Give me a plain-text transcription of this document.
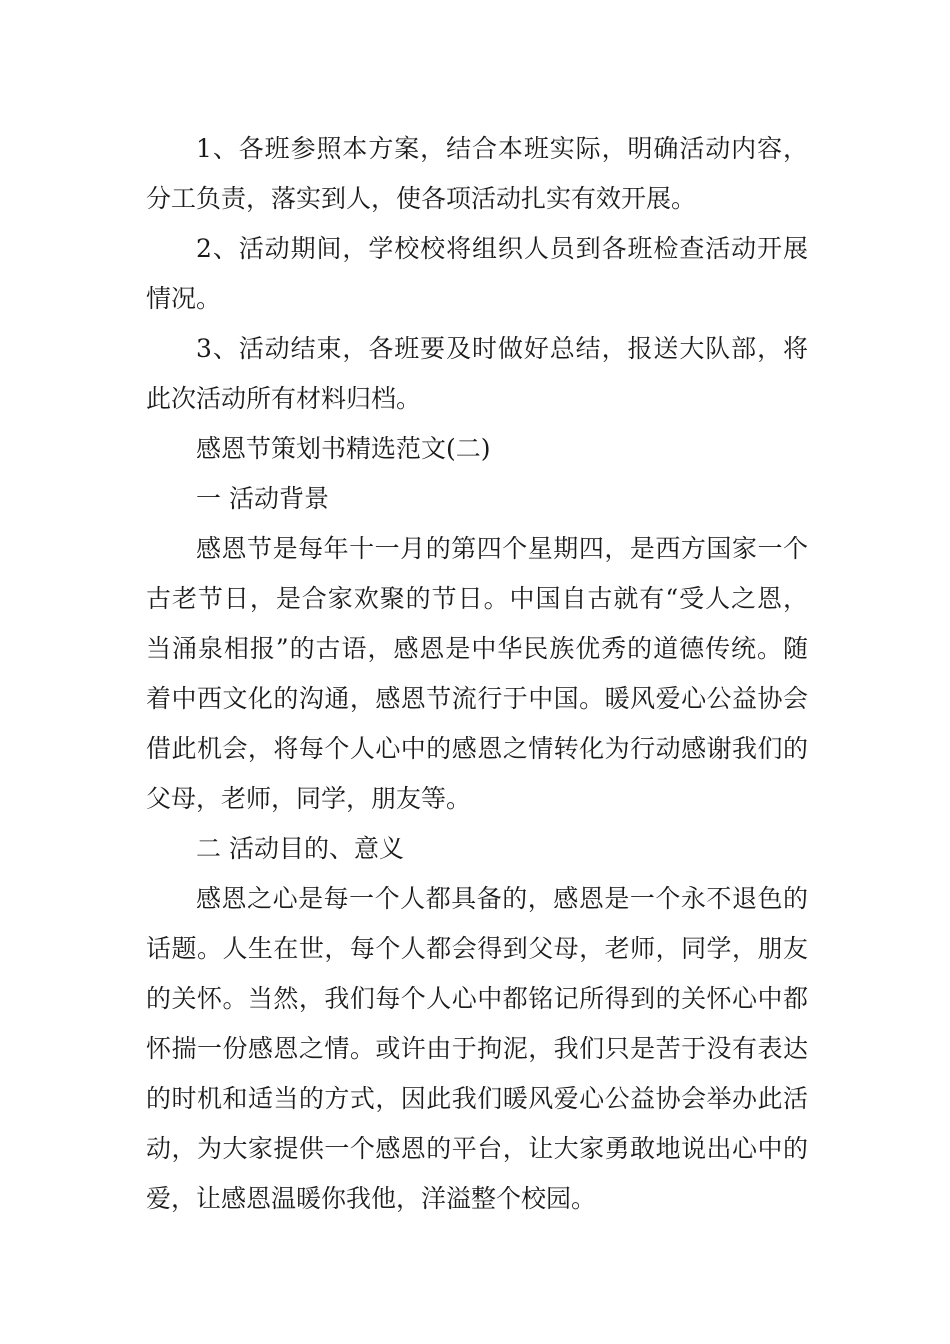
1、各班参照本方案，结合本班实际，明确活动内容，分工负责，落实到人，使各项活动扎实有效开展。

2、活动期间，学校校将组织人员到各班检查活动开展情况。

3、活动结束，各班要及时做好总结，报送大队部，将此次活动所有材料归档。

感恩节策划书精选范文(二)

一 活动背景

感恩节是每年十一月的第四个星期四，是西方国家一个古老节日，是合家欢聚的节日。中国自古就有“受人之恩，当涌泉相报”的古语，感恩是中华民族优秀的道德传统。随着中西文化的沟通，感恩节流行于中国。暖风爱心公益协会借此机会，将每个人心中的感恩之情转化为行动感谢我们的父母，老师，同学，朋友等。

二 活动目的、意义

感恩之心是每一个人都具备的，感恩是一个永不退色的话题。人生在世，每个人都会得到父母，老师，同学，朋友的关怀。当然，我们每个人心中都铭记所得到的关怀心中都怀揣一份感恩之情。或许由于拘泥，我们只是苦于没有表达的时机和适当的方式，因此我们暖风爱心公益协会举办此活动，为大家提供一个感恩的平台，让大家勇敢地说出心中的爱，让感恩温暖你我他，洋溢整个校园。
